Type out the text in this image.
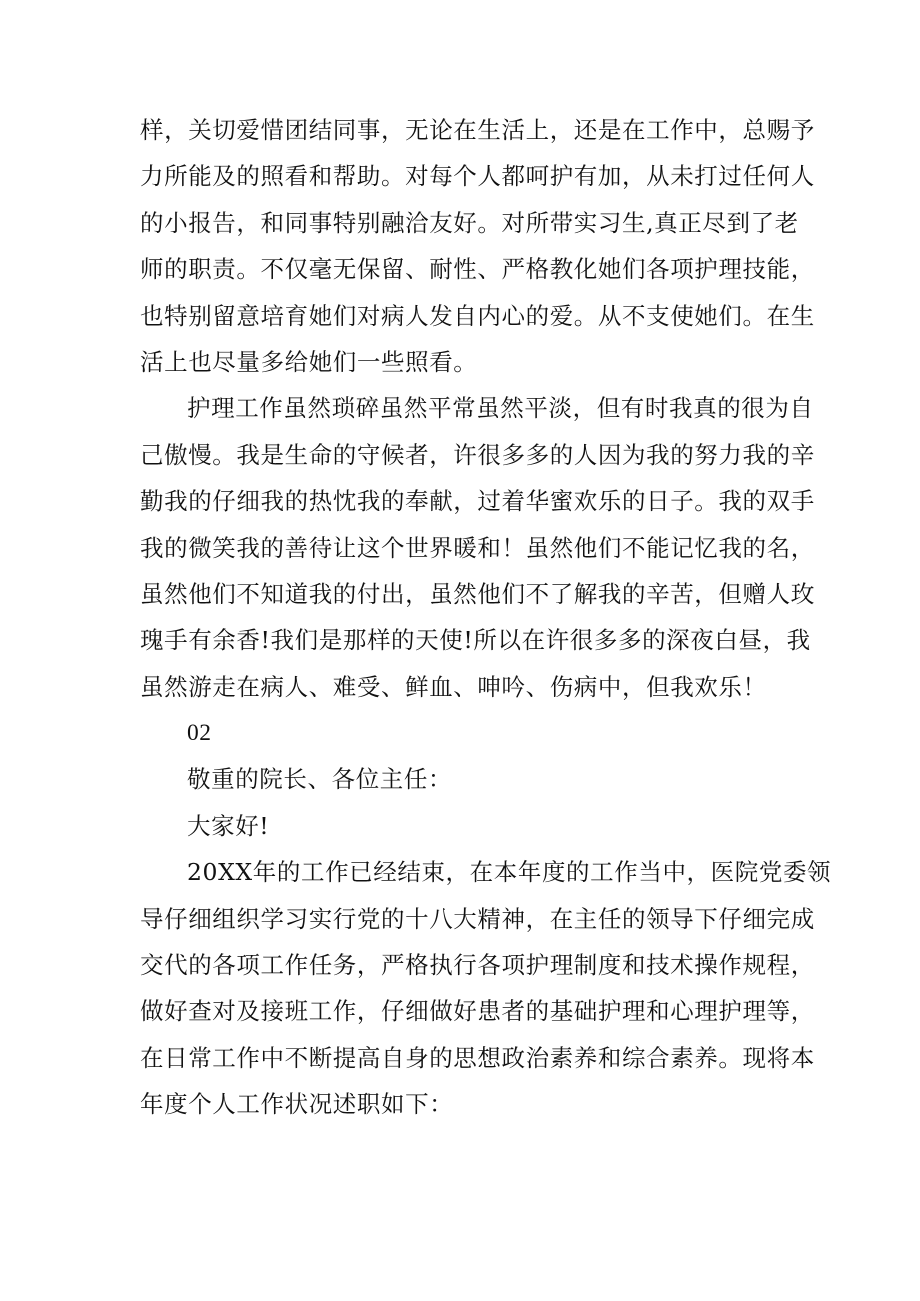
样，关切爱惜团结同事，无论在生活上，还是在工作中，总赐予
力所能及的照看和帮助。对每个人都呵护有加，从未打过任何人
的小报告，和同事特别融洽友好。对所带实习生,真正尽到了老
师的职责。不仅毫无保留、耐性、严格教化她们各项护理技能，
也特别留意培育她们对病人发自内心的爱。从不支使她们。在生
活上也尽量多给她们一些照看。
护理工作虽然琐碎虽然平常虽然平淡，但有时我真的很为自
己傲慢。我是生命的守候者，许很多多的人因为我的努力我的辛
勤我的仔细我的热忱我的奉献，过着华蜜欢乐的日子。我的双手
我的微笑我的善待让这个世界暖和！虽然他们不能记忆我的名，
虽然他们不知道我的付出，虽然他们不了解我的辛苦，但赠人玫
瑰手有余香!我们是那样的天使!所以在许很多多的深夜白昼，我
虽然游走在病人、难受、鲜血、呻吟、伤病中，但我欢乐！
02
敬重的院长、各位主任：
大家好!
20XX年的工作已经结束，在本年度的工作当中，医院党委领
导仔细组织学习实行党的十八大精神，在主任的领导下仔细完成
交代的各项工作任务，严格执行各项护理制度和技术操作规程，
做好查对及接班工作，仔细做好患者的基础护理和心理护理等，
在日常工作中不断提高自身的思想政治素养和综合素养。现将本
年度个人工作状况述职如下：
